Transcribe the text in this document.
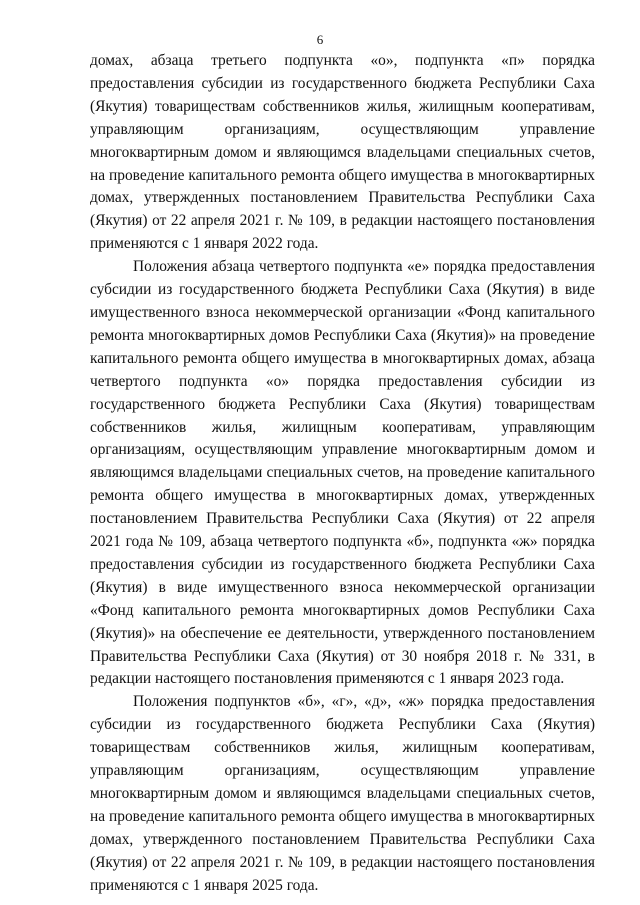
6

домах, абзаца третьего подпункта «о», подпункта «п» порядка предоставления субсидии из государственного бюджета Республики Саха (Якутия) товариществам собственников жилья, жилищным кооперативам, управляющим организациям, осуществляющим управление многоквартирным домом и являющимся владельцами специальных счетов, на проведение капитального ремонта общего имущества в многоквартирных домах, утвержденных постановлением Правительства Республики Саха (Якутия) от 22 апреля 2021 г. № 109, в редакции настоящего постановления применяются с 1 января 2022 года.

Положения абзаца четвертого подпункта «е» порядка предоставления субсидии из государственного бюджета Республики Саха (Якутия) в виде имущественного взноса некоммерческой организации «Фонд капитального ремонта многоквартирных домов Республики Саха (Якутия)» на проведение капитального ремонта общего имущества в многоквартирных домах, абзаца четвертого подпункта «о» порядка предоставления субсидии из государственного бюджета Республики Саха (Якутия) товариществам собственников жилья, жилищным кооперативам, управляющим организациям, осуществляющим управление многоквартирным домом и являющимся владельцами специальных счетов, на проведение капитального ремонта общего имущества в многоквартирных домах, утвержденных постановлением Правительства Республики Саха (Якутия) от 22 апреля 2021 года № 109, абзаца четвертого подпункта «б», подпункта «ж» порядка предоставления субсидии из государственного бюджета Республики Саха (Якутия) в виде имущественного взноса некоммерческой организации «Фонд капитального ремонта многоквартирных домов Республики Саха (Якутия)» на обеспечение ее деятельности, утвержденного постановлением Правительства Республики Саха (Якутия) от 30 ноября 2018 г. № 331, в редакции настоящего постановления применяются с 1 января 2023 года.

Положения подпунктов «б», «г», «д», «ж» порядка предоставления субсидии из государственного бюджета Республики Саха (Якутия) товариществам собственников жилья, жилищным кооперативам, управляющим организациям, осуществляющим управление многоквартирным домом и являющимся владельцами специальных счетов, на проведение капитального ремонта общего имущества в многоквартирных домах, утвержденного постановлением Правительства Республики Саха (Якутия) от 22 апреля 2021 г. № 109, в редакции настоящего постановления применяются с 1 января 2025 года.
